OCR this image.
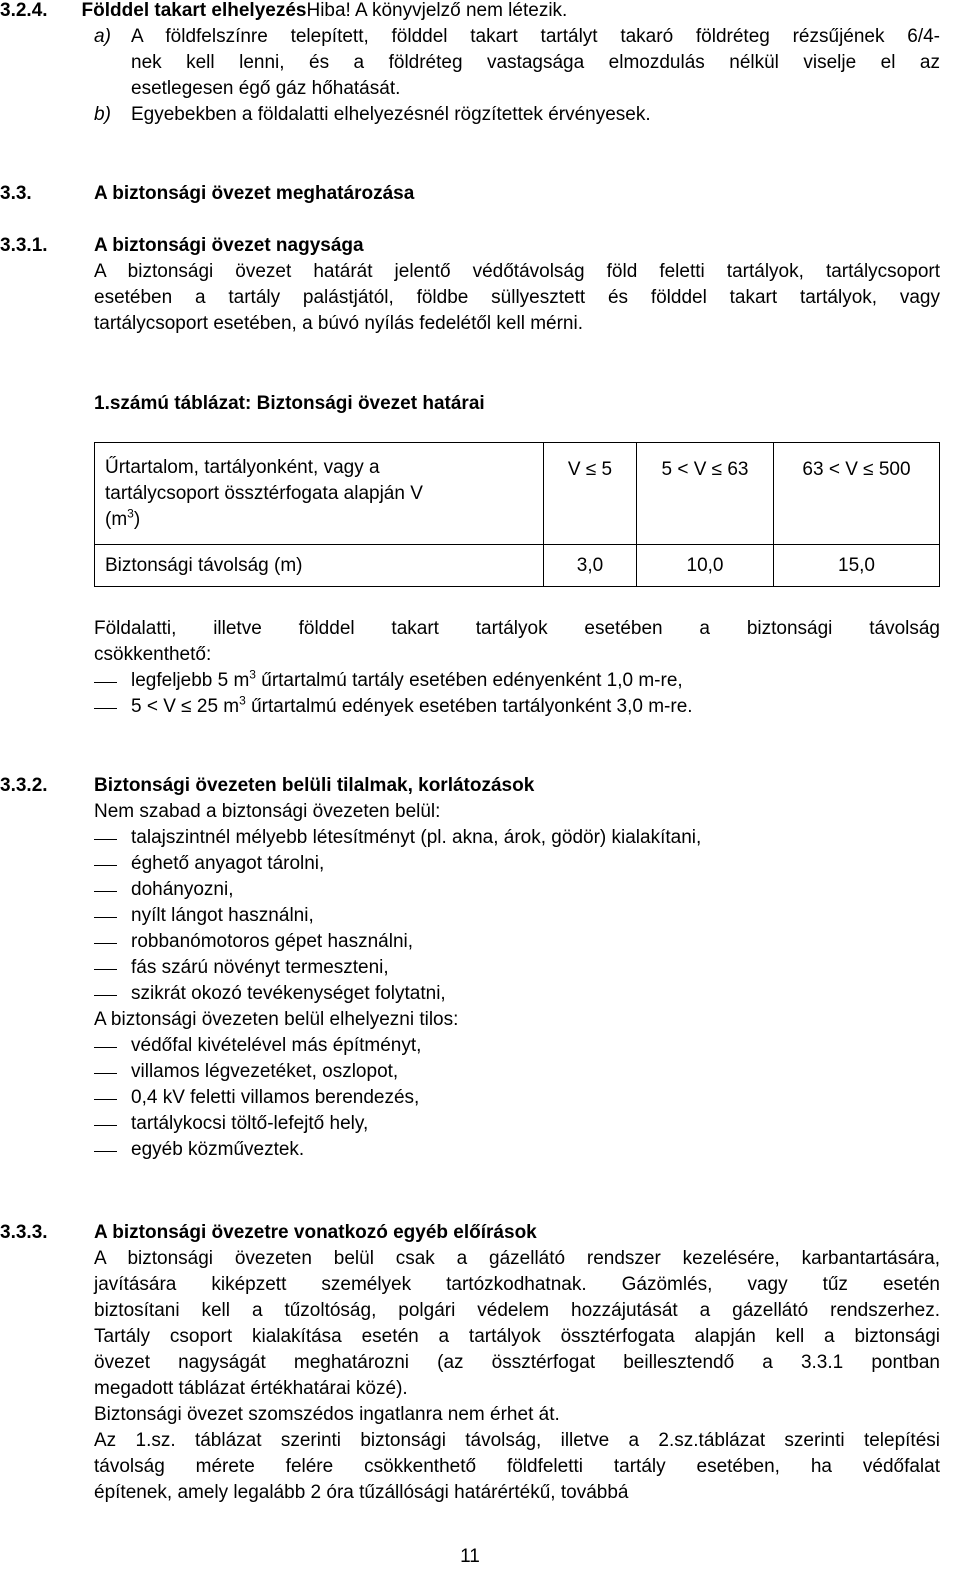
3.2.4. Földdel takart elhelyezésHiba! A könyvjelző nem létezik.
a) A földfelszínre telepített, földdel takart tartályt takaró földréteg rézsűjének 6/4-
nek kell lenni, és a földréteg vastagsága elmozdulás nélkül viselje el az
esetlegesen égő gáz hőhatását.
b) Egyebekben a földalatti elhelyezésnél rögzítettek érvényesek.
3.3.	A biztonsági övezet meghatározása
3.3.1. A biztonsági övezet nagysága
A biztonsági övezet határát jelentő védőtávolság föld feletti tartályok, tartálycsoport
esetében a tartály palástjától, földbe süllyesztett és földdel takart tartályok, vagy
tartálycsoport esetében, a búvó nyílás fedelétől kell mérni.
1.számú táblázat: Biztonsági övezet határai
Űrtartalom, tartályonként, vagy a
tartálycsoport össztérfogata alapján V
$(m^3)$	V ≤ 5	5 < V ≤ 63	63 < V ≤ 500
Biztonsági távolság (m)	3,0	10,0	15,0
Földalatti, illetve földdel takart tartályok esetében a biztonsági távolság
csökkenthető:
legfeljebb 5 $m^3$ űrtartalmú tartály esetében edényenként 1,0 m-re,
5 < V ≤ 25 $m^3$ űrtartalmú edények esetében tartályonként 3,0 m-re.
3.3.2. Biztonsági övezeten belüli tilalmak, korlátozások
Nem szabad a biztonsági övezeten belül:
talajszintnél mélyebb létesítményt (pl. akna, árok, gödör) kialakítani,
éghető anyagot tárolni,
dohányozni,
nyílt lángot használni,
robbanómotoros gépet használni,
fás szárú növényt termeszteni,
szikrát okozó tevékenységet folytatni,
A biztonsági övezeten belül elhelyezni tilos:
védőfal kivételével más építményt,
villamos légvezetéket, oszlopot,
0,4 kV feletti villamos berendezés,
tartálykocsi töltő-lefejtő hely,
egyéb közműveztek.
3.3.3. A biztonsági övezetre vonatkozó egyéb előírások
A biztonsági övezeten belül csak a gázellátó rendszer kezelésére, karbantartására,
javítására kiképzett személyek tartózkodhatnak. Gázömlés, vagy tűz esetén
biztosítani kell a tűzoltóság, polgári védelem hozzájutását a gázellátó rendszerhez.
Tartály csoport kialakítása esetén a tartályok össztérfogata alapján kell a biztonsági
övezet nagyságát meghatározni (az össztérfogat beillesztendő a 3.3.1 pontban
megadott táblázat értékhatárai közé).
Biztonsági övezet szomszédos ingatlanra nem érhet át.
Az 1.sz. táblázat szerinti biztonsági távolság, illetve a 2.sz.táblázat szerinti telepítési
távolság mérete felére csökkenthető földfeletti tartály esetében, ha védőfalat
építenek, amely legalább 2 óra tűzállósági határértékű, továbbá
11
